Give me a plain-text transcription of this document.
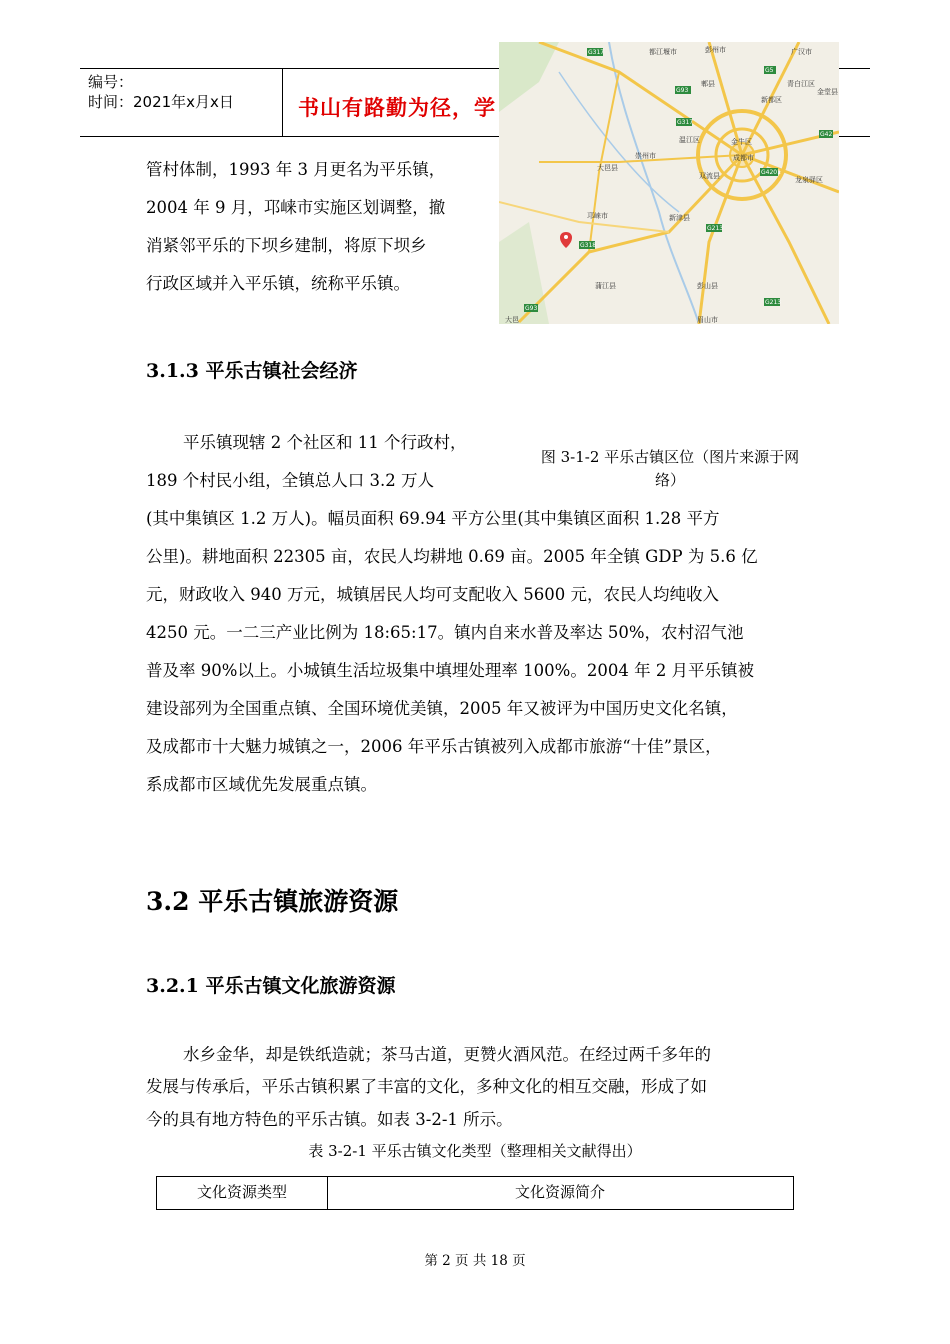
编号：
时间：2021年x月x日	书山有路勤为径，学
G317
G93
G317
G5
G42
G4201
G318
G213
G213
G93
都江堰市	彭州市	广汉市
青白江区
金堂县
郫县
新都区
金牛区
成都市
温江区
崇州市
大邑县
双流县	龙泉驿区
邛崃市	新津县
蒲江县	彭山县
眉山市
大邑

管村体制，1993 年 3 月更名为平乐镇，

2004 年 9 月，邛崃市实施区划调整，撤

消紧邻平乐的下坝乡建制，将原下坝乡

行政区域并入平乐镇，统称平乐镇。

3.1.3 平乐古镇社会经济

平乐镇现辖 2 个社区和 11 个行政村，

189 个村民小组，全镇总人口 3.2 万人

(其中集镇区 1.2 万人)。幅员面积 69.94 平方公里(其中集镇区面积 1.28 平方

公里)。耕地面积 22305 亩，农民人均耕地 0.69 亩。2005 年全镇 GDP 为 5.6 亿

元，财政收入 940 万元，城镇居民人均可支配收入 5600 元，农民人均纯收入

4250 元。一二三产业比例为 18:65:17。镇内自来水普及率达 50%，农村沼气池

普及率 90%以上。小城镇生活垃圾集中填埋处理率 100%。2004 年 2 月平乐镇被

建设部列为全国重点镇、全国环境优美镇，2005 年又被评为中国历史文化名镇，

及成都市十大魅力城镇之一，2006 年平乐古镇被列入成都市旅游“十佳”景区，

系成都市区域优先发展重点镇。

图 3-1-2 平乐古镇区位（图片来源于网
络）
3.2 平乐古镇旅游资源
3.2.1 平乐古镇文化旅游资源

水乡金华，却是铁纸造就；茶马古道，更赞火酒风范。在经过两千多年的

发展与传承后，平乐古镇积累了丰富的文化，多种文化的相互交融，形成了如

今的具有地方特色的平乐古镇。如表 3-2-1 所示。

表 3-2-1 平乐古镇文化类型（整理相关文献得出）
文化资源类型	文化资源简介
第 2 页 共 18 页
